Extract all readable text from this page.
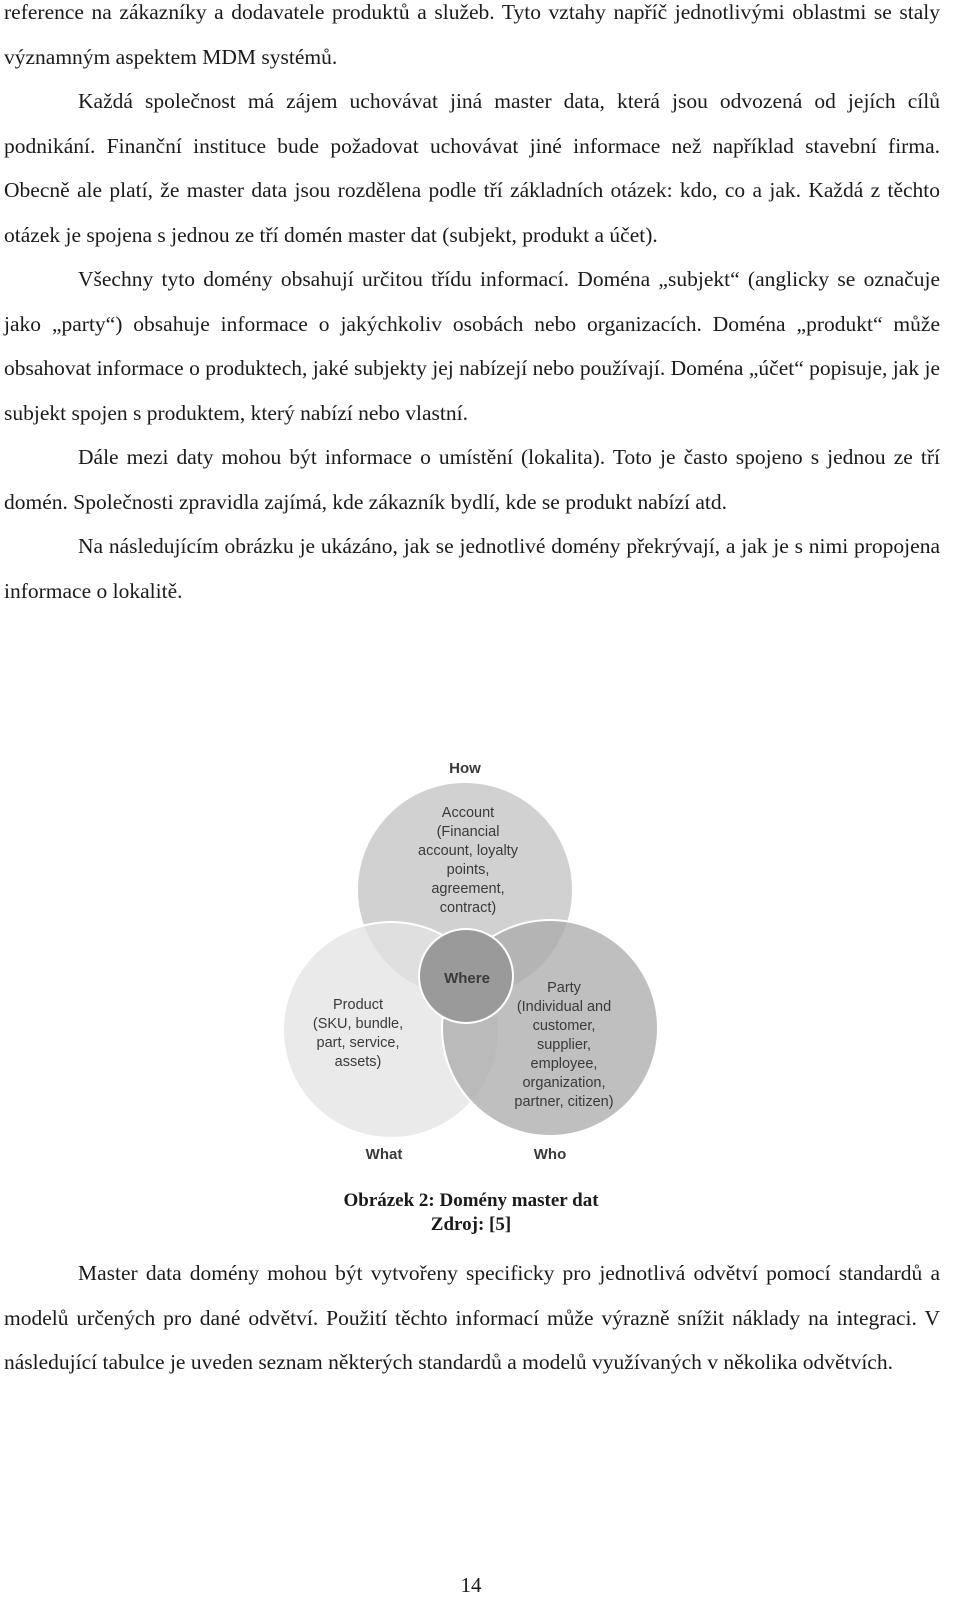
reference na zákazníky a dodavatele produktů a služeb. Tyto vztahy napříč jednotlivými oblastmi se staly významným aspektem MDM systémů.

Každá společnost má zájem uchovávat jiná master data, která jsou odvozená od jejích cílů podnikání. Finanční instituce bude požadovat uchovávat jiné informace než například stavební firma. Obecně ale platí, že master data jsou rozdělena podle tří základních otázek: kdo, co a jak. Každá z těchto otázek je spojena s jednou ze tří domén master dat (subjekt, produkt a účet).

Všechny tyto domény obsahují určitou třídu informací. Doména „subjekt“ (anglicky se označuje jako „party“) obsahuje informace o jakýchkoliv osobách nebo organizacích. Doména „produkt“ může obsahovat informace o produktech, jaké subjekty jej nabízejí nebo používají. Doména „účet“ popisuje, jak je subjekt spojen s produktem, který nabízí nebo vlastní.

Dále mezi daty mohou být informace o umístění (lokalita). Toto je často spojeno s jednou ze tří domén. Společnosti zpravidla zajímá, kde zákazník bydlí, kde se produkt nabízí atd.

Na následujícím obrázku je ukázáno, jak se jednotlivé domény překrývají, a jak je s nimi propojena informace o lokalitě.

How
What	Who
Where
Account
(Financial
account, loyalty
points,
agreement,
contract)
Product
(SKU, bundle,
part, service,
assets)
Party
(Individual and
customer,
supplier,
employee,
organization,
partner, citizen)
Obrázek 2: Domény master dat
Zdroj: [5]

Master data domény mohou být vytvořeny specificky pro jednotlivá odvětví pomocí standardů a modelů určených pro dané odvětví. Použití těchto informací může výrazně snížit náklady na integraci. V následující tabulce je uveden seznam některých standardů a modelů využívaných v několika odvětvích.

14
